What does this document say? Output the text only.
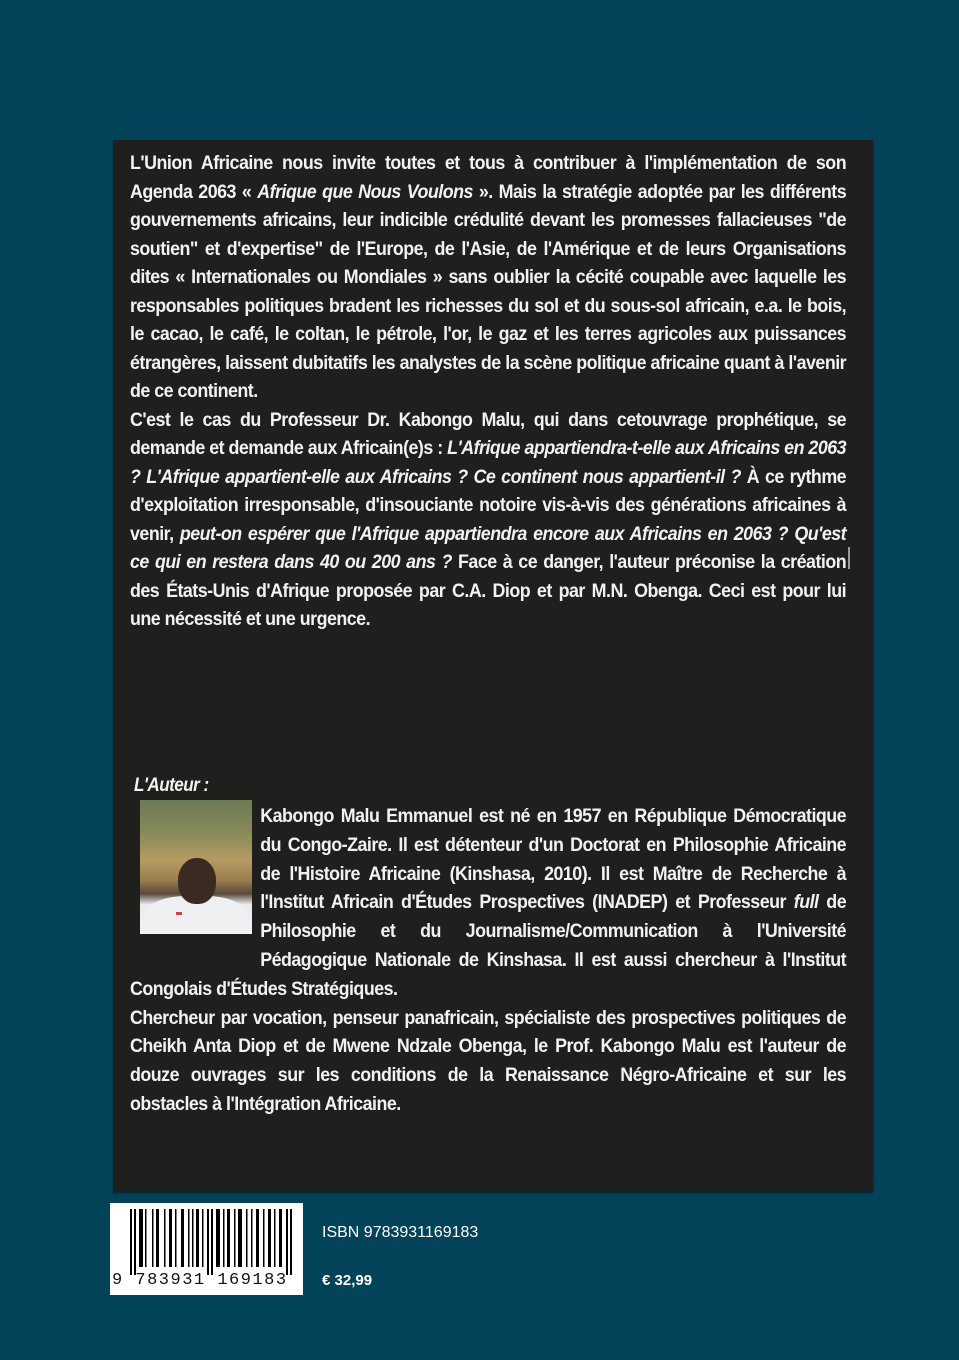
L'Union Africaine nous invite toutes et tous à contribuer à l'implémentation de son Agenda 2063 « Afrique que Nous Voulons ». Mais la stratégie adoptée par les différents gouvernements africains, leur indicible crédulité devant les promesses fallacieuses "de soutien" et d'expertise" de l'Europe, de l'Asie, de l'Amérique et de leurs Organisations dites « Internationales ou Mondiales » sans oublier la cécité coupable avec laquelle les responsables politiques bradent les richesses du sol et du sous-sol africain, e.a. le bois, le cacao, le café, le coltan, le pétrole, l'or, le gaz et les terres agricoles aux puissances étrangères, laissent dubitatifs les analystes de la scène politique africaine quant à l'avenir de ce continent.

C'est le cas du Professeur Dr. Kabongo Malu, qui dans cetouvrage prophétique, se demande et demande aux Africain(e)s : L'Afrique appartiendra-t-elle aux Africains en 2063 ? L'Afrique appartient-elle aux Africains ? Ce continent nous appartient-il ? À ce rythme d'exploitation irresponsable, d'insouciante notoire vis-à-vis des générations africaines à venir, peut-on espérer que l'Afrique appartiendra encore aux Africains en 2063 ? Qu'est ce qui en restera dans 40 ou 200 ans ? Face à ce danger, l'auteur préconise la création des États-Unis d'Afrique proposée par C.A. Diop et par M.N. Obenga. Ceci est pour lui une nécessité et une urgence.

L'Auteur :

Kabongo Malu Emmanuel est né en 1957 en République Démocratique du Congo-Zaire. Il est détenteur d'un Doctorat en Philosophie Africaine de l'Histoire Africaine (Kinshasa, 2010). Il est Maître de Recherche à l'Institut Africain d'Études Prospectives (INADEP) et Professeur full de Philosophie et du Journalisme/Communication à l'Université Pédagogique Nationale de Kinshasa. Il est aussi chercheur à l'Institut Congolais d'Études Stratégiques.

Chercheur par vocation, penseur panafricain, spécialiste des prospectives politiques de Cheikh Anta Diop et de Mwene Ndzale Obenga, le Prof. Kabongo Malu est l'auteur de douze ouvrages sur les conditions de la Renaissance Négro-Africaine et sur les obstacles à l'Intégration Africaine.

9 783931 169183
ISBN 9783931169183
€ 32,99
